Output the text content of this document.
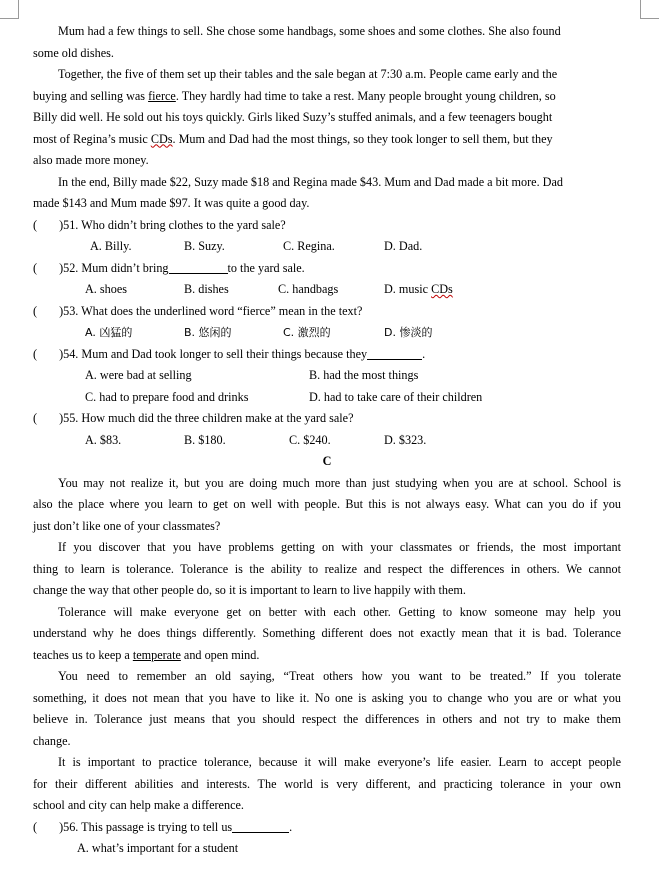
Mum had a few things to sell. She chose some handbags, some shoes and some clothes. She also found
some old dishes.
Together, the five of them set up their tables and the sale began at 7:30 a.m. People came early and the
buying and selling was fierce. They hardly had time to take a rest. Many people brought young children, so
Billy did well. He sold out his toys quickly. Girls liked Suzy’s stuffed animals, and a few teenagers bought
most of Regina’s music CDs. Mum and Dad had the most things, so they took longer to sell them, but they
also made more money.
In the end, Billy made $22, Suzy made $18 and Regina made $43. Mum and Dad made a bit more. Dad
made $143 and Mum made $97. It was quite a good day.
( )51. Who didn’t bring clothes to the yard sale?
A. Billy.	B. Suzy.	C. Regina.	D. Dad.
( )52. Mum didn’t bring	to the yard sale.
A. shoes	B. dishes	C. handbags	D. music CDs
( )53. What does the underlined word “fierce” mean in the text?
A. 凶猛的	B. 悠闲的	C. 激烈的	D. 惨淡的
( )54. Mum and Dad took longer to sell their things because they	.
A. were bad at selling	B. had the most things
C. had to prepare food and drinks	D. had to take care of their children
( )55. How much did the three children make at the yard sale?
A. $83.	B. $180.	C. $240.	D. $323.
C
You may not realize it, but you are doing much more than just studying when you are at school. School is
also the place where you learn to get on well with people. But this is not always easy. What can you do if you
just don’t like one of your classmates?
If you discover that you have problems getting on with your classmates or friends, the most important
thing to learn is tolerance. Tolerance is the ability to realize and respect the differences in others. We cannot
change the way that other people do, so it is important to learn to live happily with them.
Tolerance will make everyone get on better with each other. Getting to know someone may help you
understand why he does things differently. Something different does not exactly mean that it is bad. Tolerance
teaches us to keep a temperate and open mind.
You need to remember an old saying, “Treat others how you want to be treated.” If you tolerate
something, it does not mean that you have to like it. No one is asking you to change who you are or what you
believe in. Tolerance just means that you should respect the differences in others and not try to make them
change.
It is important to practice tolerance, because it will make everyone’s life easier. Learn to accept people
for their different abilities and interests. The world is very different, and practicing tolerance in your own
school and city can help make a difference.
( )56. This passage is trying to tell us	.
A. what’s important for a student
